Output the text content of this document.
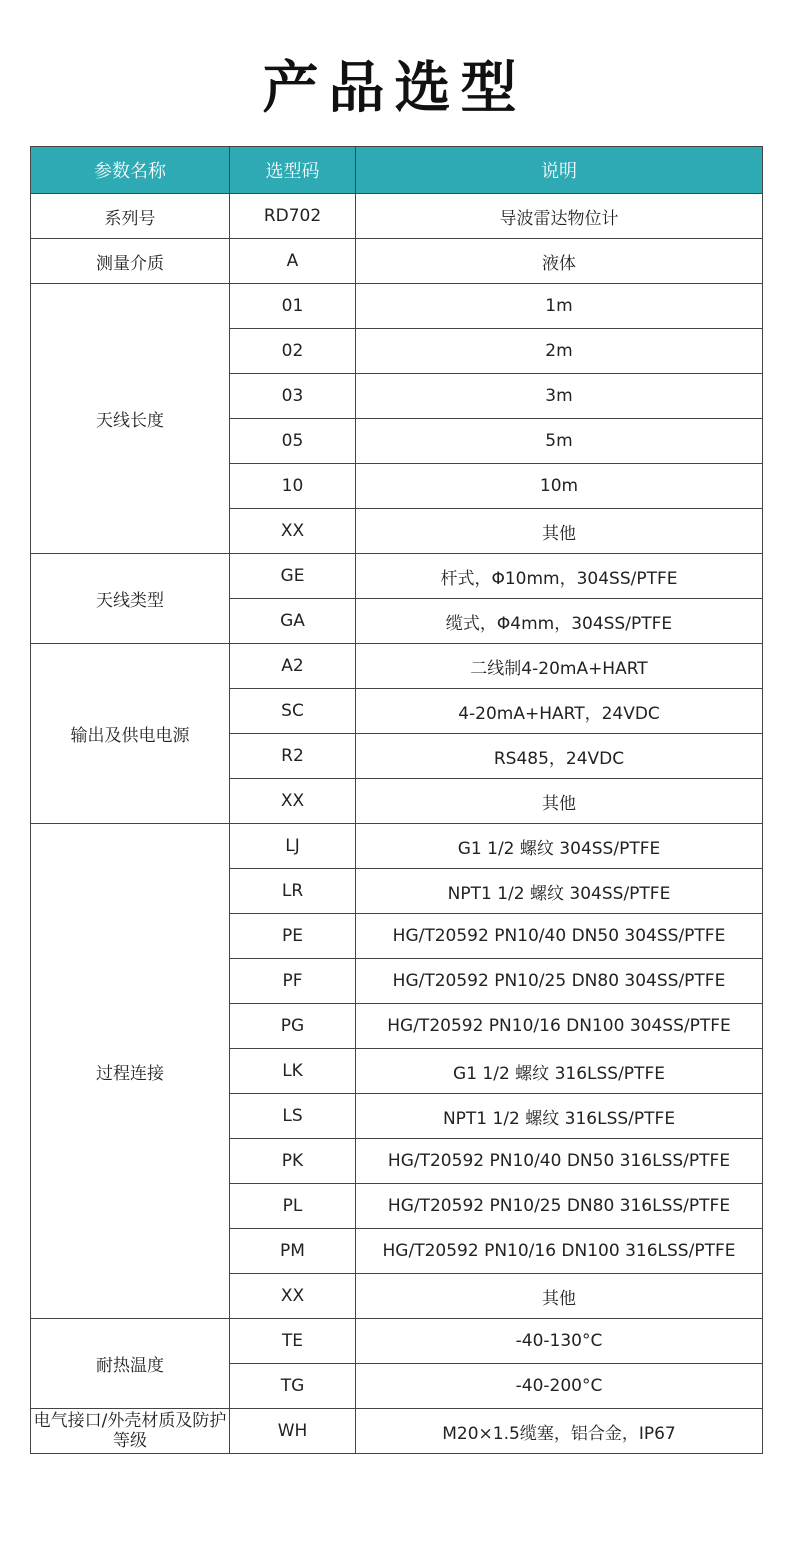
产品选型
参数名称	选型码	说明
系列号	RD702	导波雷达物位计
测量介质	A	液体
天线长度	01	1m
	02	2m
	03	3m
	05	5m
	10	10m
	XX	其他
天线类型	GE	杆式，Φ10mm，304SS/PTFE
	GA	缆式，Φ4mm，304SS/PTFE
输出及供电电源	A2	二线制4-20mA+HART
	SC	4-20mA+HART，24VDC
	R2	RS485，24VDC
	XX	其他
过程连接	LJ	G1 1/2 螺纹 304SS/PTFE
	LR	NPT1 1/2 螺纹 304SS/PTFE
	PE	HG/T20592 PN10/40 DN50 304SS/PTFE
	PF	HG/T20592 PN10/25 DN80 304SS/PTFE
	PG	HG/T20592 PN10/16 DN100 304SS/PTFE
	LK	G1 1/2 螺纹 316LSS/PTFE
	LS	NPT1 1/2 螺纹 316LSS/PTFE
	PK	HG/T20592 PN10/40 DN50 316LSS/PTFE
	PL	HG/T20592 PN10/25 DN80 316LSS/PTFE
	PM	HG/T20592 PN10/16 DN100 316LSS/PTFE
	XX	其他
耐热温度	TE	-40-130°C
	TG	-40-200°C
电气接口/外壳材质及防护等级	WH	M20×1.5缆塞，铝合金，IP67
